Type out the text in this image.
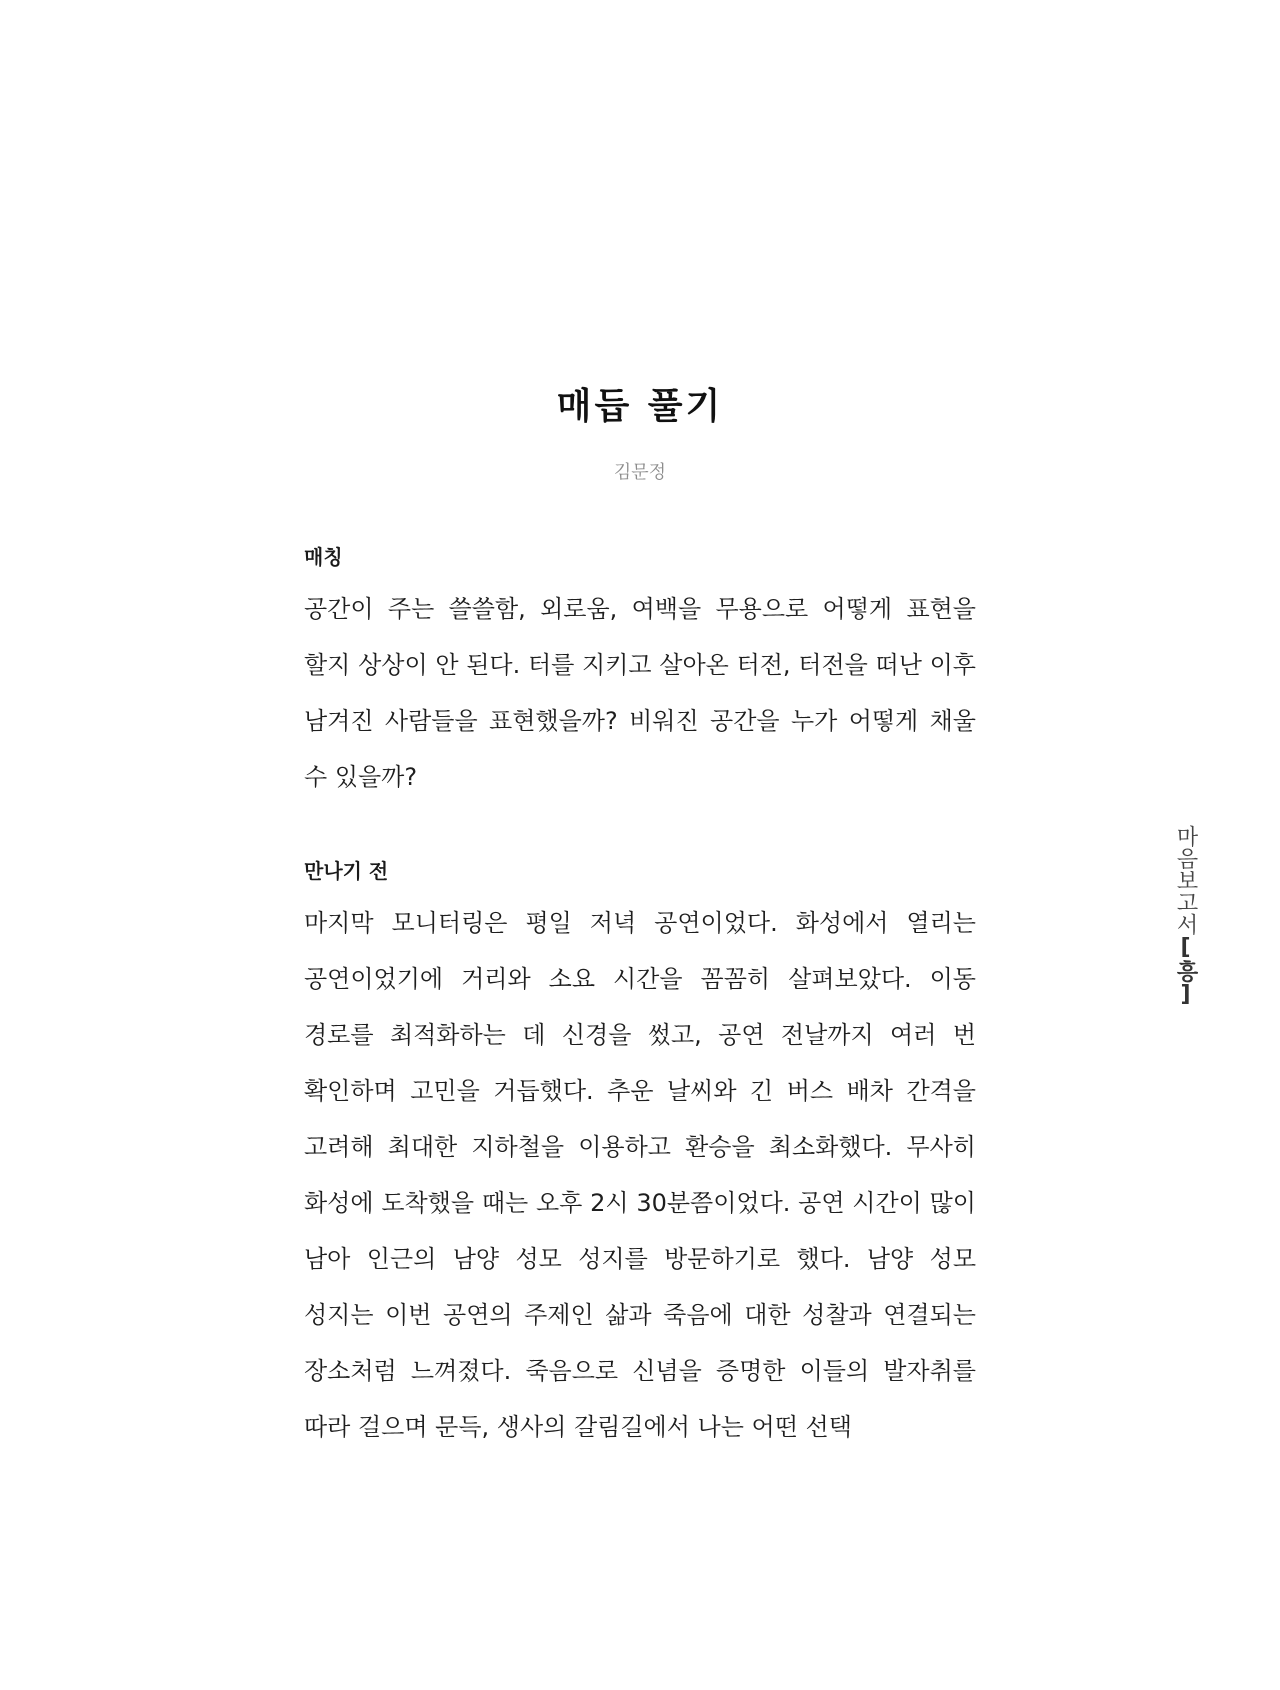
매듭 풀기
김문정
매칭
공간이 주는 쓸쓸함, 외로움, 여백을 무용으로 어떻게 표현을 할지 상상이 안 된다. 터를 지키고 살아온 터전, 터전을 떠난 이후 남겨진 사람들을 표현했을까? 비워진 공간을 누가 어떻게 채울 수 있을까?
만나기 전
마지막 모니터링은 평일 저녁 공연이었다. 화성에서 열리는 공연이었기에 거리와 소요 시간을 꼼꼼히 살펴보았다. 이동 경로를 최적화하는 데 신경을 썼고, 공연 전날까지 여러 번 확인하며 고민을 거듭했다. 추운 날씨와 긴 버스 배차 간격을 고려해 최대한 지하철을 이용하고 환승을 최소화했다. 무사히 화성에 도착했을 때는 오후 2시 30분쯤이었다. 공연 시간이 많이 남아 인근의 남양 성모 성지를 방문하기로 했다. 남양 성모 성지는 이번 공연의 주제인 삶과 죽음에 대한 성찰과 연결되는 장소처럼 느껴졌다. 죽음으로 신념을 증명한 이들의 발자취를 따라 걸으며 문득, 생사의 갈림길에서 나는 어떤 선택
마음보고서[흥]
